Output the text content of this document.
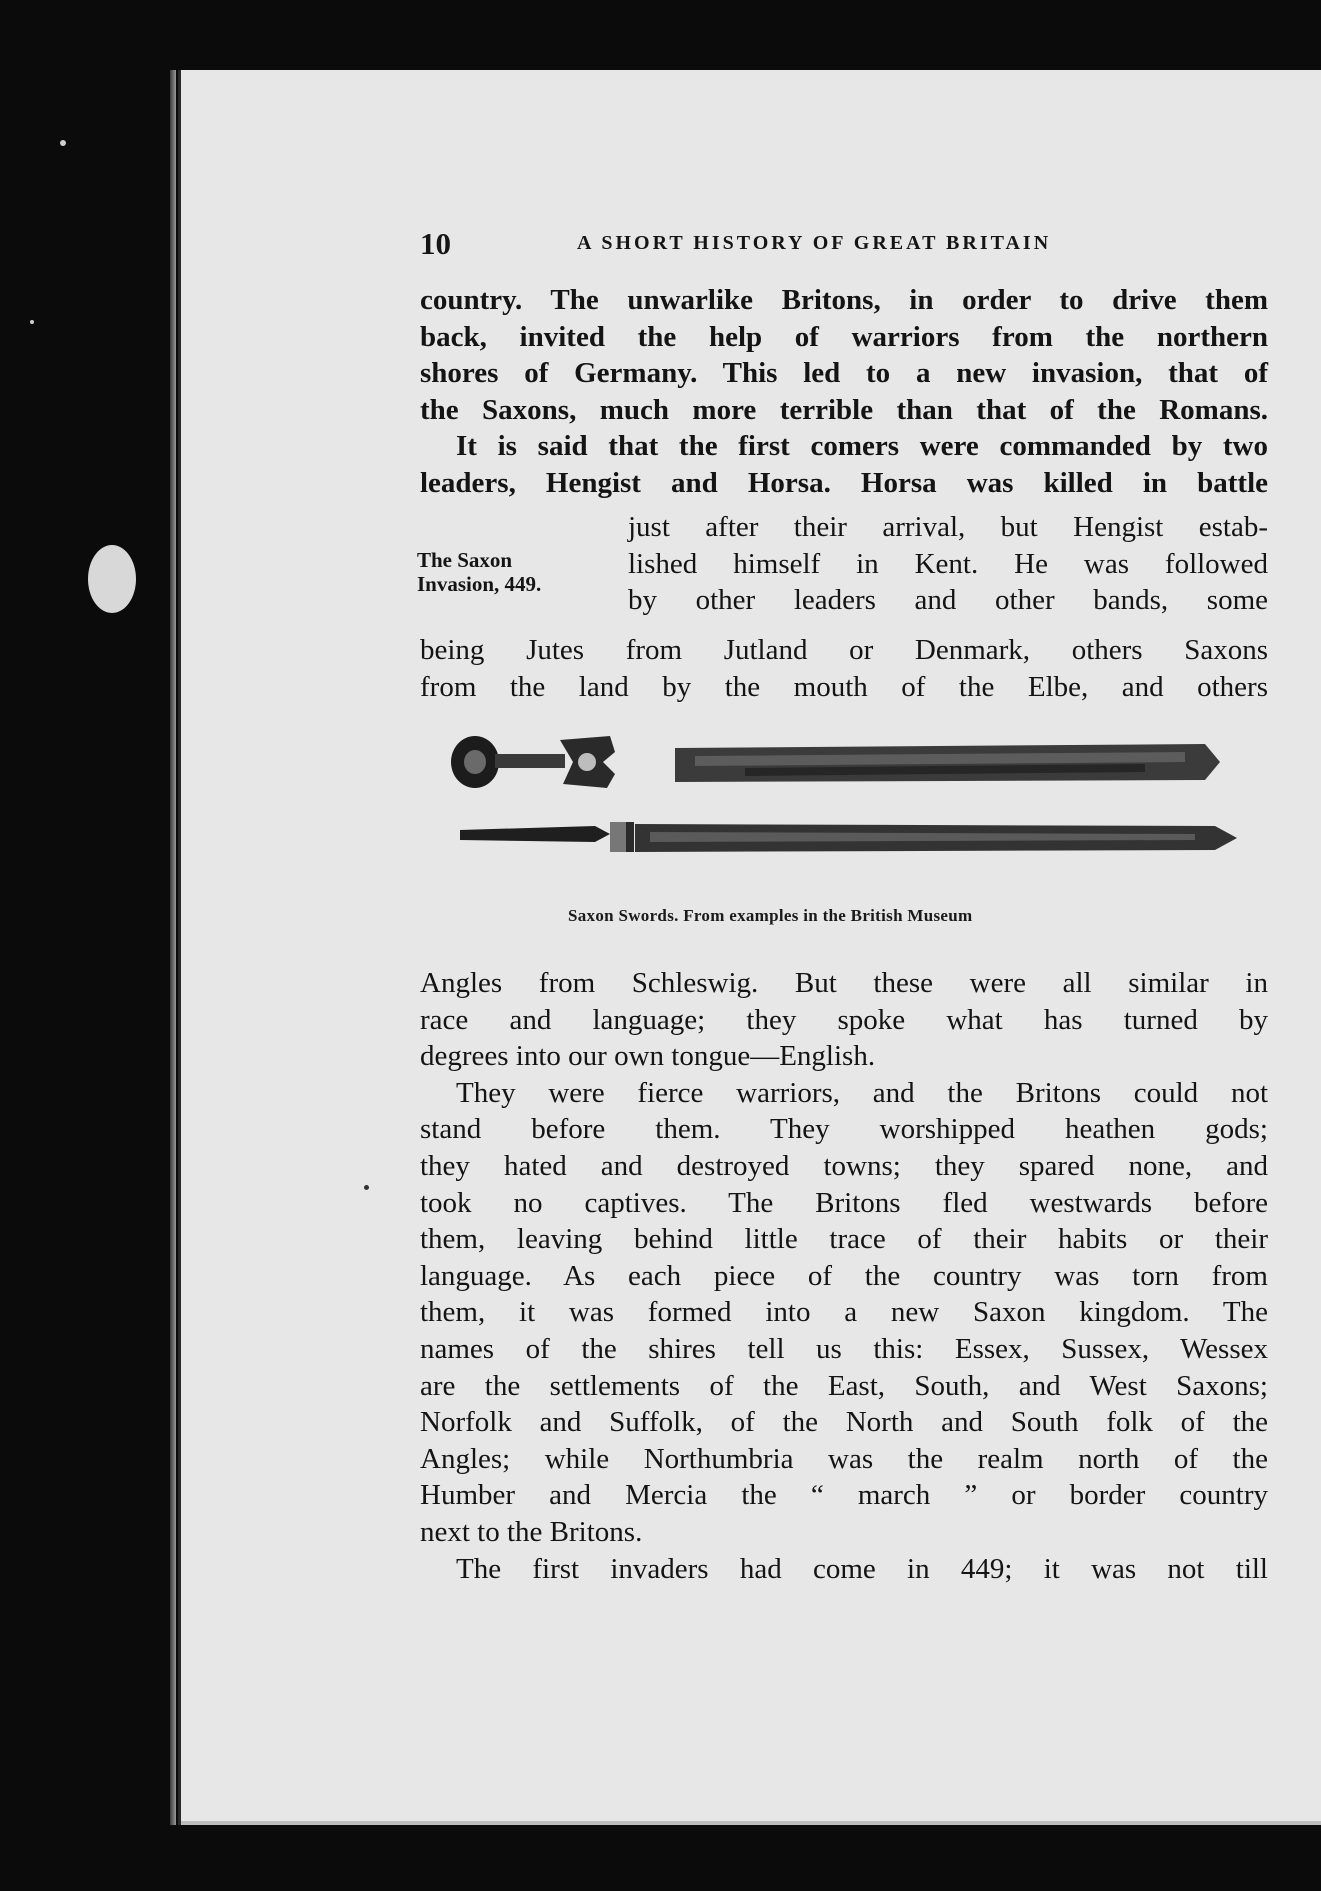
10	A SHORT HISTORY OF GREAT BRITAIN
country. The unwarlike Britons, in order to drive them
back, invited the help of warriors from the northern
shores of Germany. This led to a new invasion, that of
the Saxons, much more terrible than that of the Romans.
It is said that the first comers were commanded by two
leaders, Hengist and Horsa. Horsa was killed in battle
The Saxon
Invasion, 449.
just after their arrival, but Hengist estab-
lished himself in Kent. He was followed
by other leaders and other bands, some
being Jutes from Jutland or Denmark, others Saxons
from the land by the mouth of the Elbe, and others
Saxon Swords. From examples in the British Museum
Angles from Schleswig. But these were all similar in
race and language; they spoke what has turned by
degrees into our own tongue—English.
They were fierce warriors, and the Britons could not
stand before them. They worshipped heathen gods;
they hated and destroyed towns; they spared none, and
took no captives. The Britons fled westwards before
them, leaving behind little trace of their habits or their
language. As each piece of the country was torn from
them, it was formed into a new Saxon kingdom. The
names of the shires tell us this: Essex, Sussex, Wessex
are the settlements of the East, South, and West Saxons;
Norfolk and Suffolk, of the North and South folk of the
Angles; while Northumbria was the realm north of the
Humber and Mercia the “ march ” or border country
next to the Britons.
The first invaders had come in 449; it was not till
